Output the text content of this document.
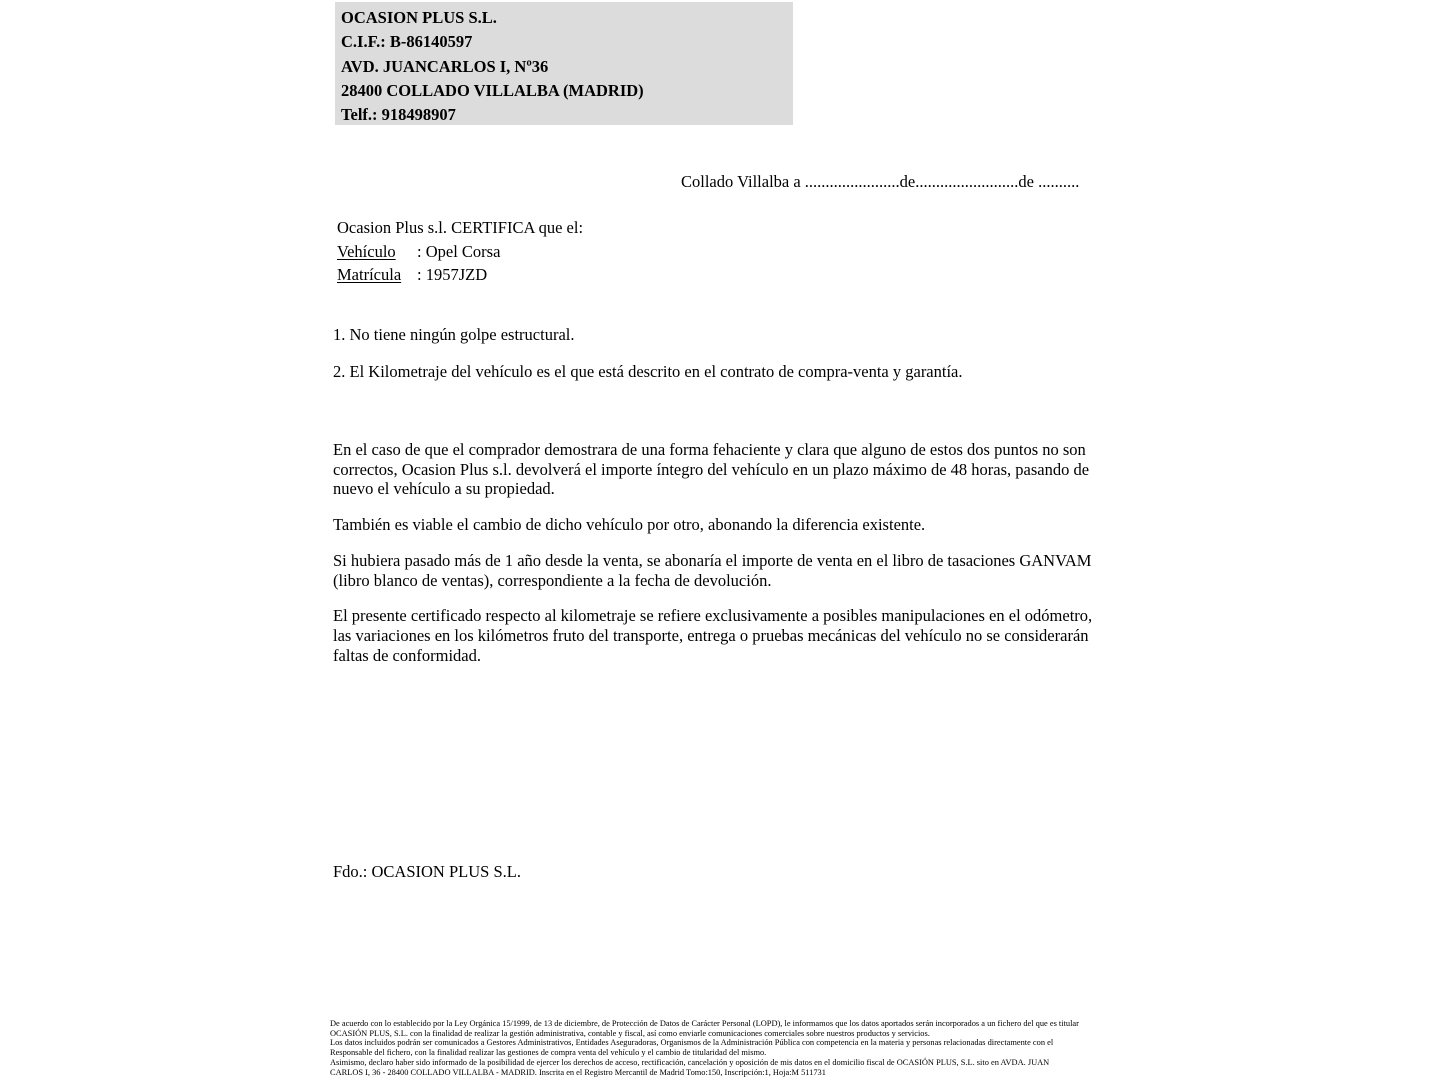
OCASION PLUS S.L.
C.I.F.: B-86140597
AVD. JUANCARLOS I, Nº36
28400 COLLADO VILLALBA (MADRID)
Telf.: 918498907
Collado Villalba a .......................de.........................de ..........
Ocasion Plus s.l. CERTIFICA que el:
Vehículo : Opel Corsa
Matrícula : 1957JZD
1. No tiene ningún golpe estructural.
2. El Kilometraje del vehículo es el que está descrito en el contrato de compra-venta y garantía.

En el caso de que el comprador demostrara de una forma fehaciente y clara que alguno de estos dos puntos no son correctos, Ocasion Plus s.l. devolverá el importe íntegro del vehículo en un plazo máximo de 48 horas, pasando de nuevo el vehículo a su propiedad.

También es viable el cambio de dicho vehículo por otro, abonando la diferencia existente.

Si hubiera pasado más de 1 año desde la venta, se abonaría el importe de venta en el libro de tasaciones GANVAM (libro blanco de ventas), correspondiente a la fecha de devolución.

El presente certificado respecto al kilometraje se refiere exclusivamente a posibles manipulaciones en el odómetro, las variaciones en los kilómetros fruto del transporte, entrega o pruebas mecánicas del vehículo no se considerarán faltas de conformidad.

Fdo.: OCASION PLUS S.L.
De acuerdo con lo establecido por la Ley Orgánica 15/1999, de 13 de diciembre, de Protección de Datos de Carácter Personal (LOPD), le informamos que los datos aportados serán incorporados a un fichero del que es titular
OCASIÓN PLUS, S.L. con la finalidad de realizar la gestión administrativa, contable y fiscal, así como enviarle comunicaciones comerciales sobre nuestros productos y servicios.
Los datos incluidos podrán ser comunicados a Gestores Administrativos, Entidades Aseguradoras, Organismos de la Administración Pública con competencia en la materia y personas relacionadas directamente con el
Responsable del fichero, con la finalidad realizar las gestiones de compra venta del vehículo y el cambio de titularidad del mismo.
Asimismo, declaro haber sido informado de la posibilidad de ejercer los derechos de acceso, rectificación, cancelación y oposición de mis datos en el domicilio fiscal de OCASIÓN PLUS, S.L. sito en AVDA. JUAN
CARLOS I, 36 - 28400 COLLADO VILLALBA - MADRID. Inscrita en el Registro Mercantil de Madrid Tomo:150, Inscripción:1, Hoja:M 511731
